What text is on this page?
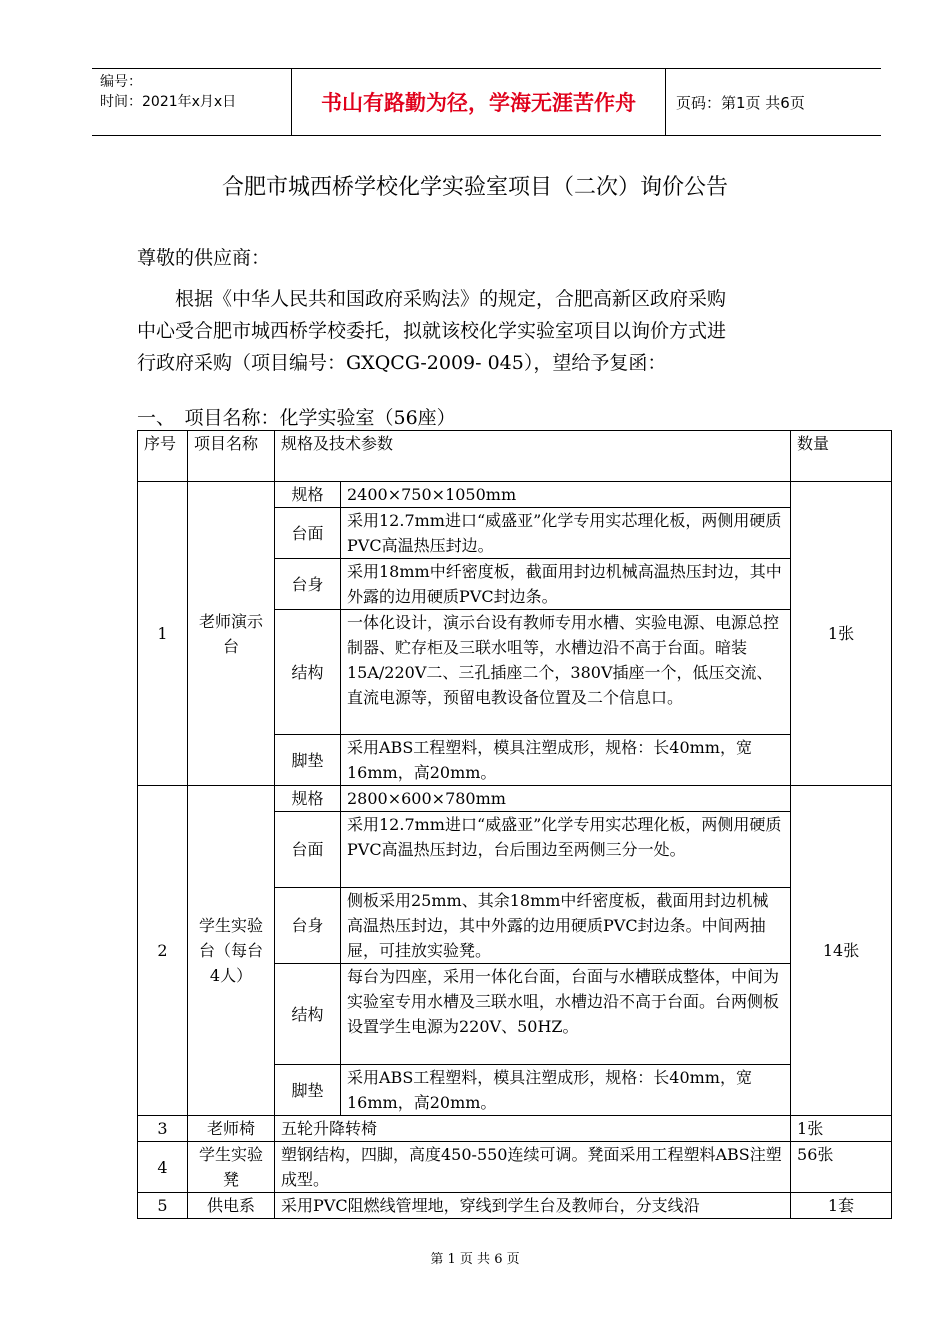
编号：
时间：2021年x月x日	书山有路勤为径，学海无涯苦作舟	页码：第1页 共6页
合肥市城西桥学校化学实验室项目（二次）询价公告
尊敬的供应商：
　　根据《中华人民共和国政府采购法》的规定，合肥高新区政府采购
中心受合肥市城西桥学校委托，拟就该校化学实验室项目以询价方式进
行政府采购（项目编号：GXQCG-2009- 045），望给予复函：
一、　项目名称：化学实验室（56座）
序号	项目名称	规格及技术参数		数量
1	老师演示台	规格	2400×750×1050mm	1张
		台面	采用12.7mm进口“威盛亚”化学专用实芯理化板，两侧用硬质PVC高温热压封边。	
		台身	采用18mm中纤密度板，截面用封边机械高温热压封边，其中外露的边用硬质PVC封边条。	
		结构	一体化设计，演示台设有教师专用水槽、实验电源、电源总控制器、贮存柜及三联水咀等，水槽边沿不高于台面。暗装15A/220V二、三孔插座二个，380V插座一个，低压交流、直流电源等，预留电教设备位置及二个信息口。	
		脚垫	采用ABS工程塑料，模具注塑成形，规格：长40mm，宽16mm，高20mm。	
2	学生实验台（每台4人）	规格	2800×600×780mm	14张
		台面	采用12.7mm进口“威盛亚”化学专用实芯理化板，两侧用硬质PVC高温热压封边，台后围边至两侧三分一处。	
		台身	侧板采用25mm、其余18mm中纤密度板，截面用封边机械高温热压封边，其中外露的边用硬质PVC封边条。中间两抽屉，可挂放实验凳。	
		结构	每台为四座，采用一体化台面，台面与水槽联成整体，中间为实验室专用水槽及三联水咀，水槽边沿不高于台面。台两侧板设置学生电源为220V、50HZ。	
		脚垫	采用ABS工程塑料，模具注塑成形，规格：长40mm，宽16mm，高20mm。	
3	老师椅	五轮升降转椅		1张
4	学生实验凳	塑钢结构，四脚，高度450-550连续可调。凳面采用工程塑料ABS注塑成型。		56张
5	供电系	采用PVC阻燃线管埋地，穿线到学生台及教师台，分支线沿		1套
第 1 页 共 6 页
